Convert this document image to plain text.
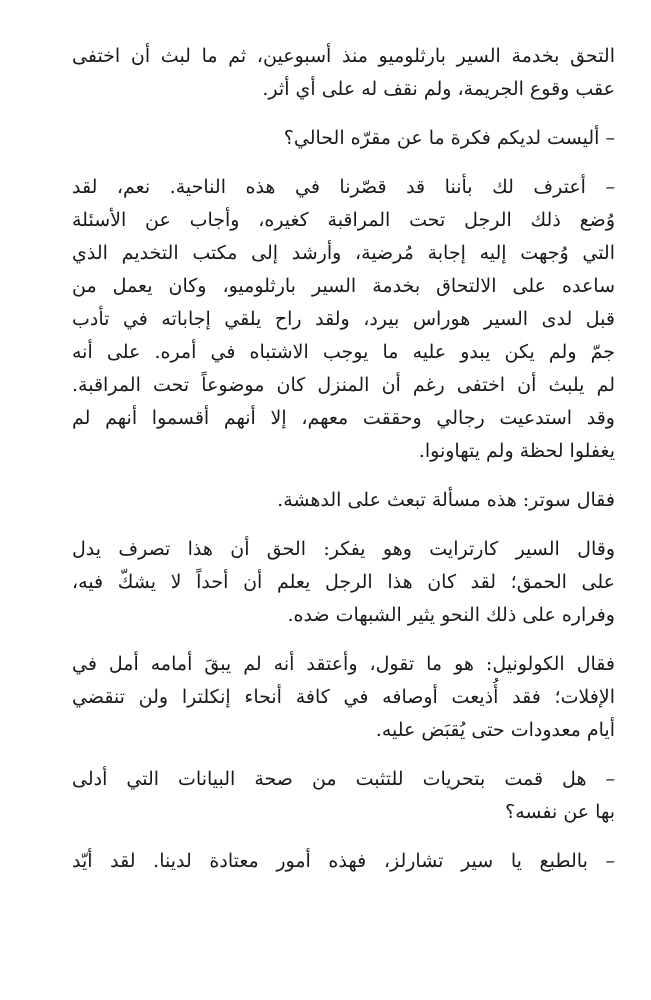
التحق بخدمة السير بارثلوميو منذ أسبوعين، ثم ما لبث أن اختفى
عقب وقوع الجريمة، ولم نقف له على أي أثر.
– أليست لديكم فكرة ما عن مقرّه الحالي؟
– أعترف لك بأننا قد قصّرنا في هذه الناحية. نعم، لقد
وُضع ذلك الرجل تحت المراقبة كغيره، وأجاب عن الأسئلة
التي وُجهت إليه إجابة مُرضية، وأرشد إلى مكتب التخديم الذي
ساعده على الالتحاق بخدمة السير بارثلوميو، وكان يعمل من
قبل لدى السير هوراس بيرد، ولقد راح يلقي إجاباته في تأدب
جمّ ولم يكن يبدو عليه ما يوجب الاشتباه في أمره. على أنه
لم يلبث أن اختفى رغم أن المنزل كان موضوعاً تحت المراقبة.
وقد استدعيت رجالي وحققت معهم، إلا أنهم أقسموا أنهم لم
يغفلوا لحظة ولم يتهاونوا.
فقال سوتر: هذه مسألة تبعث على الدهشة.
وقال السير كارترايت وهو يفكر: الحق أن هذا تصرف يدل
على الحمق؛ لقد كان هذا الرجل يعلم أن أحداً لا يشكّ فيه،
وفراره على ذلك النحو يثير الشبهات ضده.
فقال الكولونيل: هو ما تقول، وأعتقد أنه لم يبقَ أمامه أمل في
الإفلات؛ فقد أُذيعت أوصافه في كافة أنحاء إنكلترا ولن تنقضي
أيام معدودات حتى يُقبَض عليه.
– هل قمت بتحريات للتثبت من صحة البيانات التي أدلى
بها عن نفسه؟
– بالطبع يا سير تشارلز، فهذه أمور معتادة لدينا. لقد أيّد
